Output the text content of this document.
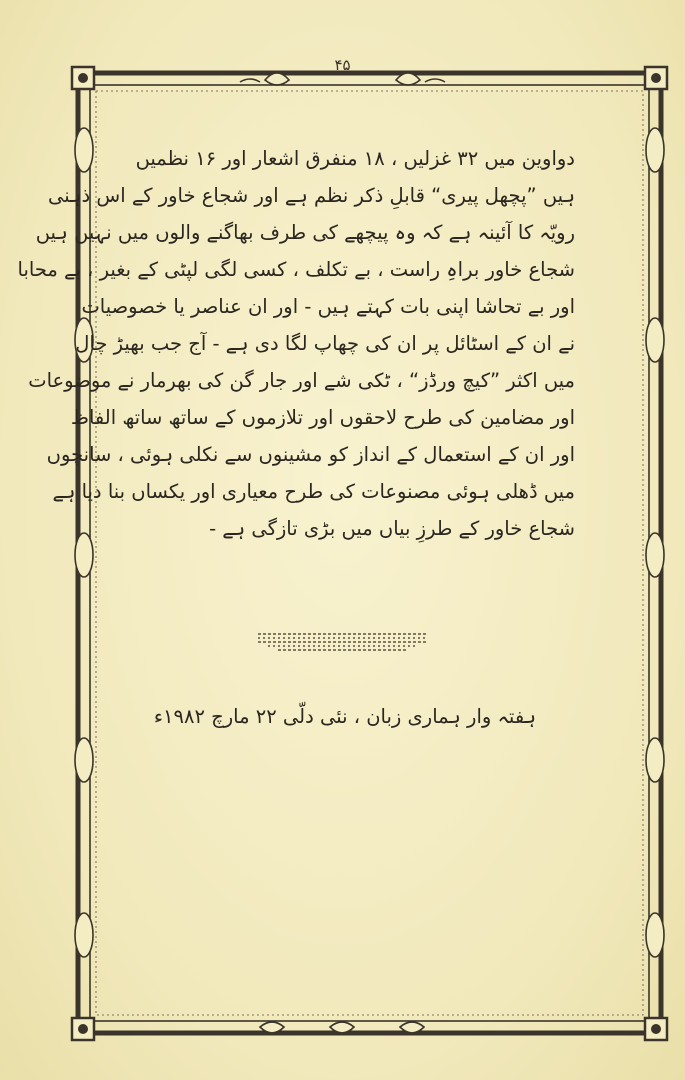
۴۵
دواوین میں ۳۲ غزلیں ، ۱۸ منفرق اشعار اور ۱۶ نظمیں
ہیں ”پچھل پیری“ قابلِ ذکر نظم ہے اور شجاع خاور کے اس ذہنی
رویّہ کا آئینہ ہے کہ وہ پیچھے کی طرف بھاگنے والوں میں نہیں ہیں
شجاع خاور براہِ راست ، بے تکلف ، کسی لگی لپٹی کے بغیر ، بے محابا
اور بے تحاشا اپنی بات کہتے ہیں - اور ان عناصر یا خصوصیات
نے ان کے اسٹائل پر ان کی چھاپ لگا دی ہے - آج جب بھیڑ چال
میں اکثر ”کیچ ورڈز“ ، ٹکی شے اور جار گن کی بھرمار نے موضوعات
اور مضامین کی طرح لاحقوں اور تلازموں کے ساتھ ساتھ الفاظ
اور ان کے استعمال کے انداز کو مشینوں سے نکلی ہوئی ، سانچوں
میں ڈھلی ہوئی مصنوعات کی طرح معیاری اور یکساں بنا دیا ہے
شجاع خاور کے طرزِ بیاں میں بڑی تازگی ہے -
ہفتہ وار ہماری زبان ، نئی دلّی ۲۲ مارچ ۱۹۸۲ء
